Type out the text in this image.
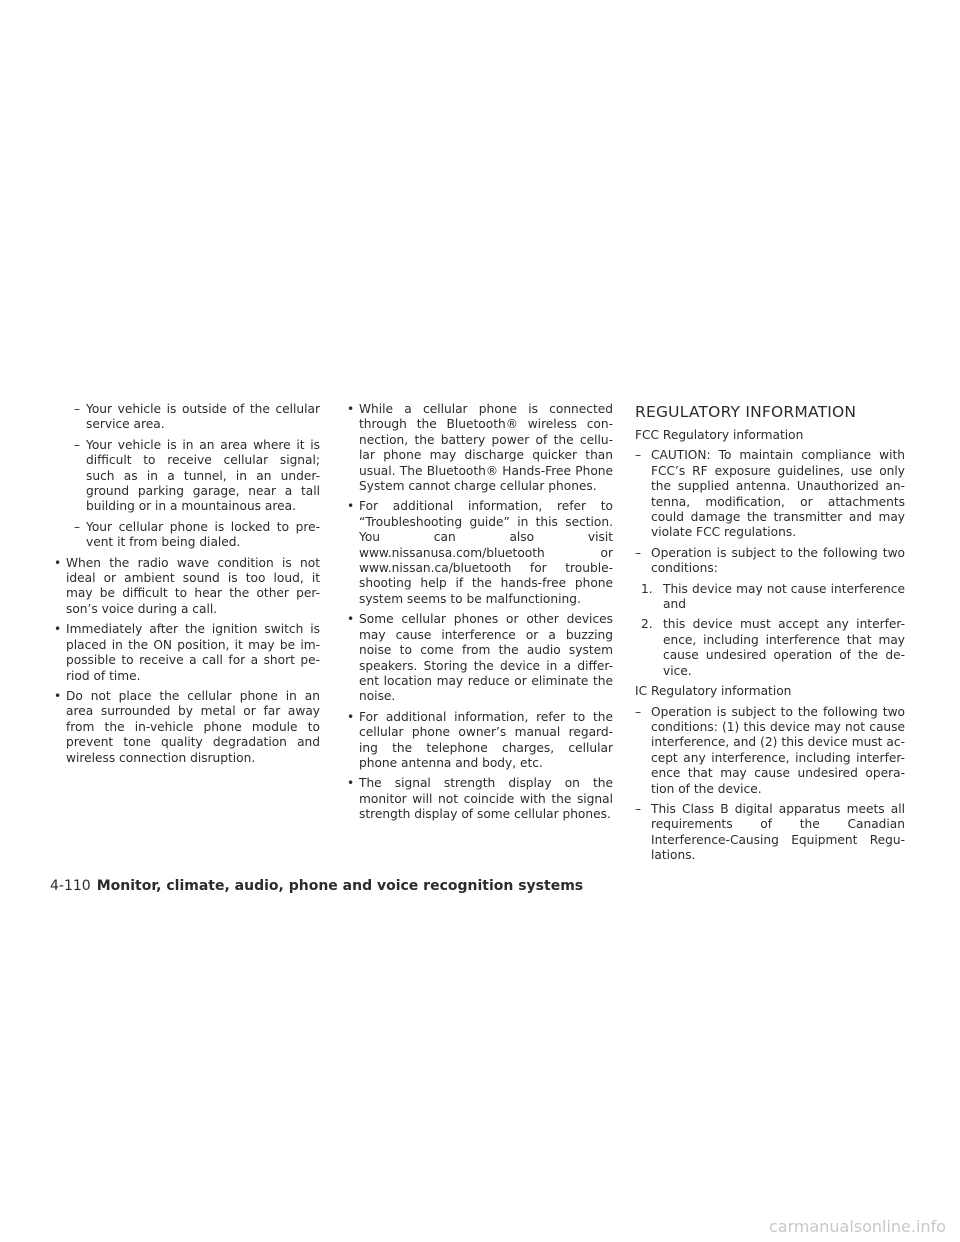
– Your vehicle is outside of the cellular service area.
– Your vehicle is in an area where it is difficult to receive cellular signal; such as in a tunnel, in an under-ground parking garage, near a tall building or in a mountainous area.
– Your cellular phone is locked to pre-vent it from being dialed.
• When the radio wave condition is not ideal or ambient sound is too loud, it may be difficult to hear the other per-son’s voice during a call.
• Immediately after the ignition switch is placed in the ON position, it may be im-possible to receive a call for a short pe-riod of time.
• Do not place the cellular phone in an area surrounded by metal or far away from the in-vehicle phone module to prevent tone quality degradation and wireless connection disruption.
• While a cellular phone is connected through the Bluetooth® wireless con-nection, the battery power of the cellu-lar phone may discharge quicker than usual. The Bluetooth® Hands-Free Phone System cannot charge cellular phones.
• For additional information, refer to “Troubleshooting guide” in this section. You can also visit www.nissanusa.com/bluetooth or www.nissan.ca/bluetooth for trouble-shooting help if the hands-free phone system seems to be malfunctioning.
• Some cellular phones or other devices may cause interference or a buzzing noise to come from the audio system speakers. Storing the device in a differ-ent location may reduce or eliminate the noise.
• For additional information, refer to the cellular phone owner’s manual regard-ing the telephone charges, cellular phone antenna and body, etc.
• The signal strength display on the monitor will not coincide with the signal strength display of some cellular phones.
REGULATORY INFORMATION
FCC Regulatory information
– CAUTION: To maintain compliance with FCC’s RF exposure guidelines, use only the supplied antenna. Unauthorized an-tenna, modification, or attachments could damage the transmitter and may violate FCC regulations.
– Operation is subject to the following two conditions:
1. This device may not cause interference and
2. this device must accept any interfer-ence, including interference that may cause undesired operation of the de-vice.
IC Regulatory information
– Operation is subject to the following two conditions: (1) this device may not cause interference, and (2) this device must ac-cept any interference, including interfer-ence that may cause undesired opera-tion of the device.
– This Class B digital apparatus meets all requirements of the Canadian Interference-Causing Equipment Regu-lations.
4-110 Monitor, climate, audio, phone and voice recognition systems
carmanualsonline.info
